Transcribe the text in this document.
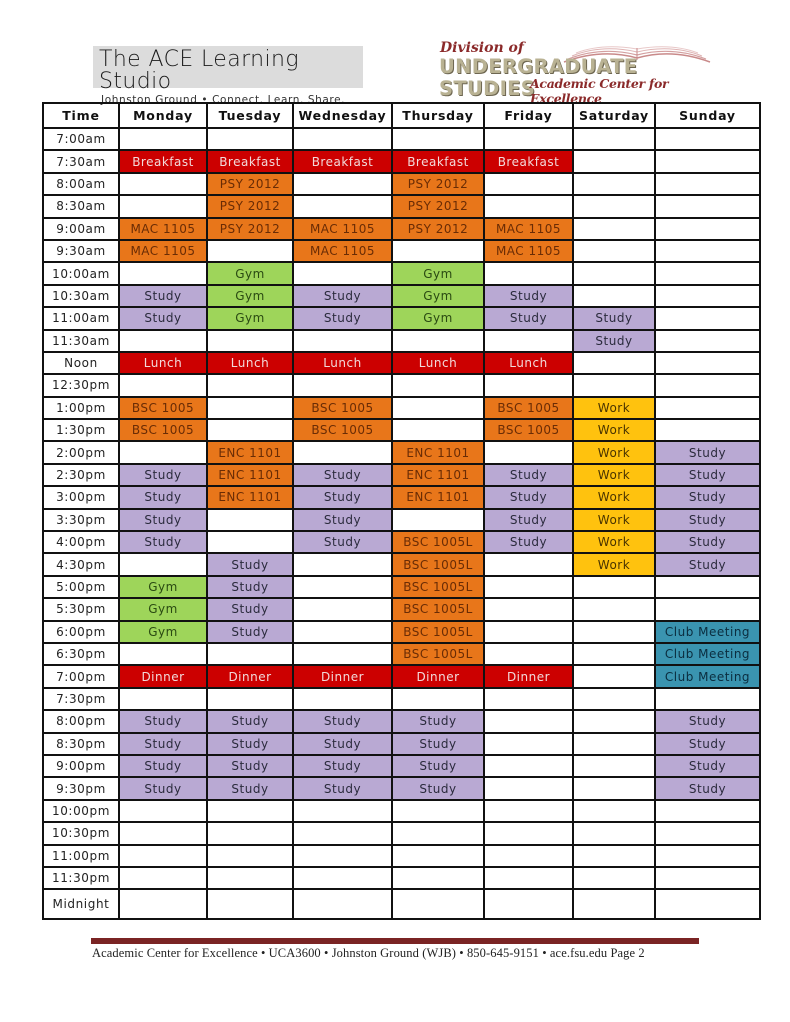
The ACE Learning Studio
Johnston Ground • Connect. Learn. Share.
Division of
UNDERGRADUATE STUDIES
Academic Center for Excellence
Time	Monday	Tuesday	Wednesday	Thursday	Friday	Saturday	Sunday
7:00am							
7:30am	Breakfast	Breakfast	Breakfast	Breakfast	Breakfast		
8:00am		PSY 2012		PSY 2012			
8:30am		PSY 2012		PSY 2012			
9:00am	MAC 1105	PSY 2012	MAC 1105	PSY 2012	MAC 1105		
9:30am	MAC 1105		MAC 1105		MAC 1105		
10:00am		Gym		Gym			
10:30am	Study	Gym	Study	Gym	Study		
11:00am	Study	Gym	Study	Gym	Study	Study	
11:30am						Study	
Noon	Lunch	Lunch	Lunch	Lunch	Lunch		
12:30pm							
1:00pm	BSC 1005		BSC 1005		BSC 1005	Work	
1:30pm	BSC 1005		BSC 1005		BSC 1005	Work	
2:00pm		ENC 1101		ENC 1101		Work	Study
2:30pm	Study	ENC 1101	Study	ENC 1101	Study	Work	Study
3:00pm	Study	ENC 1101	Study	ENC 1101	Study	Work	Study
3:30pm	Study		Study		Study	Work	Study
4:00pm	Study		Study	BSC 1005L	Study	Work	Study
4:30pm		Study		BSC 1005L		Work	Study
5:00pm	Gym	Study		BSC 1005L			
5:30pm	Gym	Study		BSC 1005L			
6:00pm	Gym	Study		BSC 1005L			Club Meeting
6:30pm				BSC 1005L			Club Meeting
7:00pm	Dinner	Dinner	Dinner	Dinner	Dinner		Club Meeting
7:30pm							
8:00pm	Study	Study	Study	Study			Study
8:30pm	Study	Study	Study	Study			Study
9:00pm	Study	Study	Study	Study			Study
9:30pm	Study	Study	Study	Study			Study
10:00pm							
10:30pm							
11:00pm							
11:30pm							
Midnight							
Academic Center for Excellence • UCA3600 • Johnston Ground (WJB) • 850-645-9151 • ace.fsu.edu Page 2
